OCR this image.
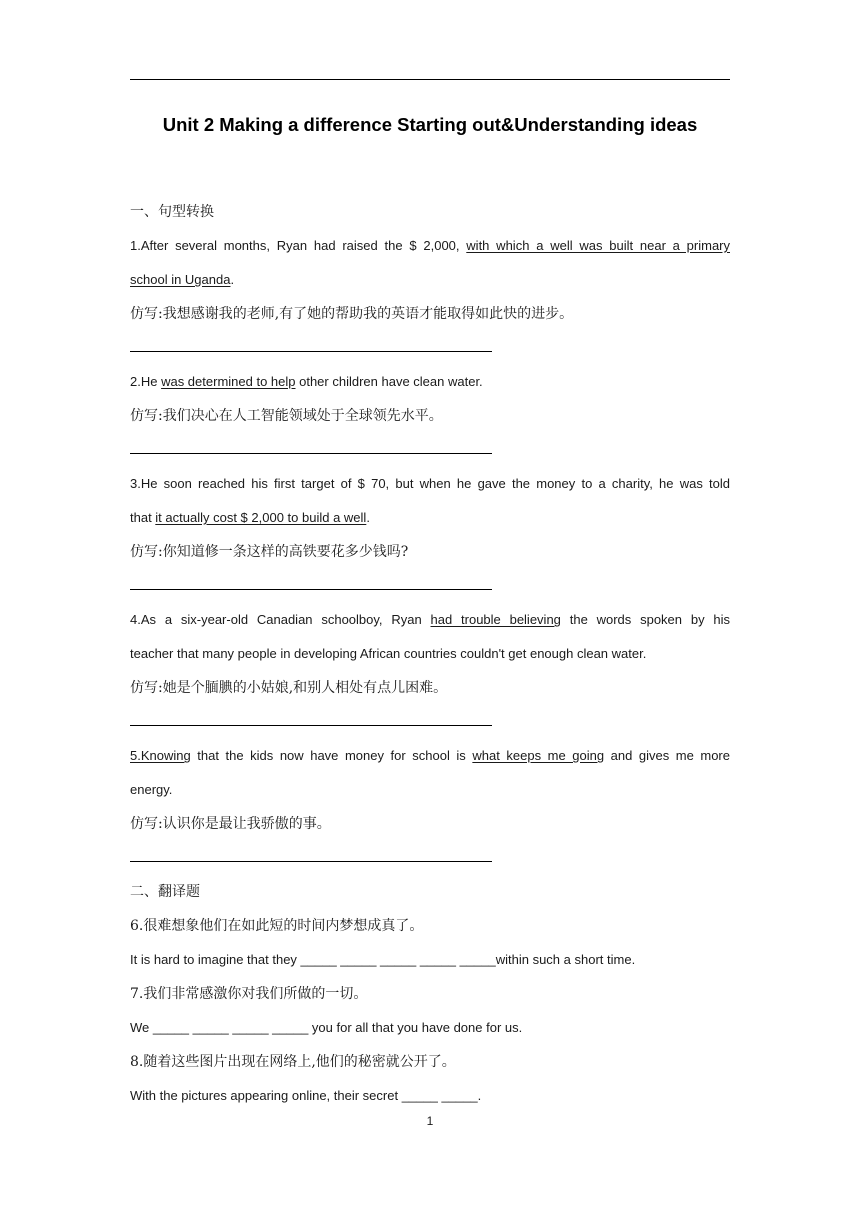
Unit 2 Making a difference Starting out&Understanding ideas
一、句型转换
1.After several months, Ryan had raised the $ 2,000, with which a well was built near a primary
school in Uganda.
仿写:我想感谢我的老师,有了她的帮助我的英语才能取得如此快的进步。
2.He was determined to help other children have clean water.
仿写:我们决心在人工智能领域处于全球领先水平。
3.He soon reached his first target of $ 70, but when he gave the money to a charity, he was told
that it actually cost $ 2,000 to build a well.
仿写:你知道修一条这样的高铁要花多少钱吗?
4.As a six-year-old Canadian schoolboy, Ryan had trouble believing the words spoken by his
teacher that many people in developing African countries couldn't get enough clean water.
仿写:她是个腼腆的小姑娘,和别人相处有点儿困难。
5.Knowing that the kids now have money for school is what keeps me going and gives me more
energy.
仿写:认识你是最让我骄傲的事。
二、翻译题
6.很难想象他们在如此短的时间内梦想成真了。
It is hard to imagine that they _____ _____ _____ _____ _____within such a short time.
7.我们非常感激你对我们所做的一切。
We _____ _____ _____ _____ you for all that you have done for us.
8.随着这些图片出现在网络上,他们的秘密就公开了。
With the pictures appearing online, their secret _____ _____.
1
